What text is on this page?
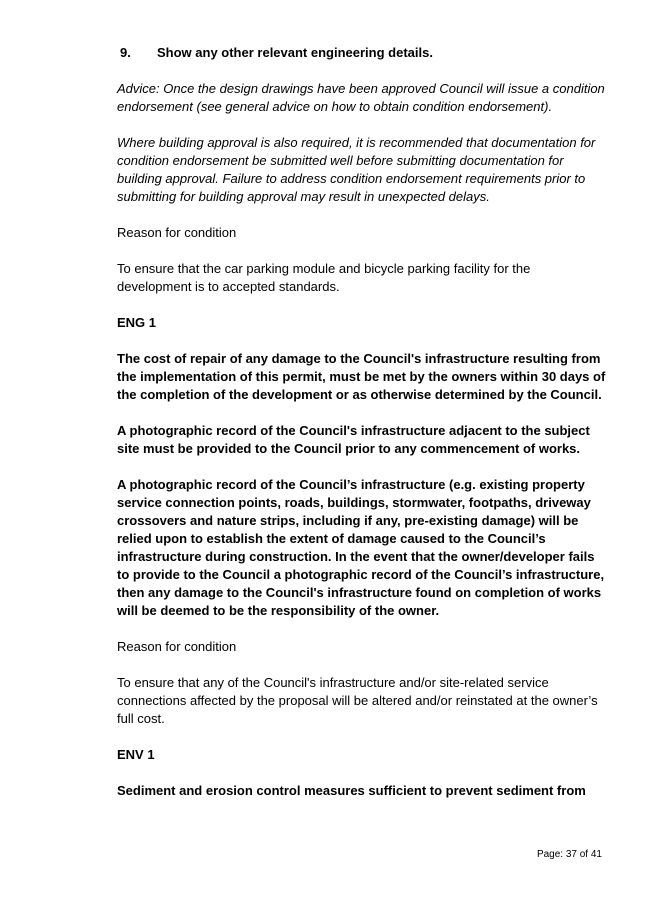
9.	Show any other relevant engineering details.

Advice: Once the design drawings have been approved Council will issue a condition endorsement (see general advice on how to obtain condition endorsement).

Where building approval is also required, it is recommended that documentation for condition endorsement be submitted well before submitting documentation for building approval. Failure to address condition endorsement requirements prior to submitting for building approval may result in unexpected delays.

Reason for condition

To ensure that the car parking module and bicycle parking facility for the development is to accepted standards.

ENG 1

The cost of repair of any damage to the Council's infrastructure resulting from the implementation of this permit, must be met by the owners within 30 days of the completion of the development or as otherwise determined by the Council.

A photographic record of the Council's infrastructure adjacent to the subject site must be provided to the Council prior to any commencement of works.

A photographic record of the Council’s infrastructure (e.g. existing property service connection points, roads, buildings, stormwater, footpaths, driveway crossovers and nature strips, including if any, pre-existing damage) will be relied upon to establish the extent of damage caused to the Council’s infrastructure during construction. In the event that the owner/developer fails to provide to the Council a photographic record of the Council’s infrastructure, then any damage to the Council's infrastructure found on completion of works will be deemed to be the responsibility of the owner.

Reason for condition

To ensure that any of the Council's infrastructure and/or site-related service connections affected by the proposal will be altered and/or reinstated at the owner’s full cost.

ENV 1

Sediment and erosion control measures sufficient to prevent sediment from

Page: 37 of 41
